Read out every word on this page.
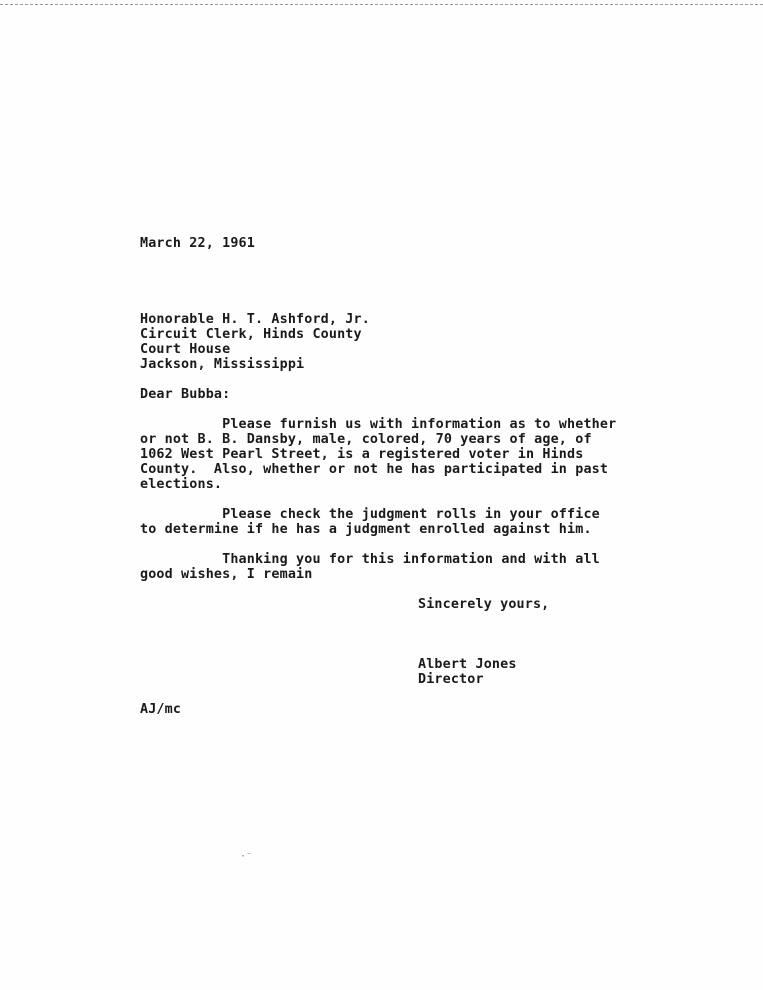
March 22, 1961
Honorable H. T. Ashford, Jr.
Circuit Clerk, Hinds County
Court House
Jackson, Mississippi
Dear Bubba:
Please furnish us with information as to whether
or not B. B. Dansby, male, colored, 70 years of age, of
1062 West Pearl Street, is a registered voter in Hinds
County.  Also, whether or not he has participated in past
elections.
Please check the judgment rolls in your office
to determine if he has a judgment enrolled against him.
Thanking you for this information and with all
good wishes, I remain
Sincerely yours,
Albert Jones
Director
AJ/mc
·⁻
